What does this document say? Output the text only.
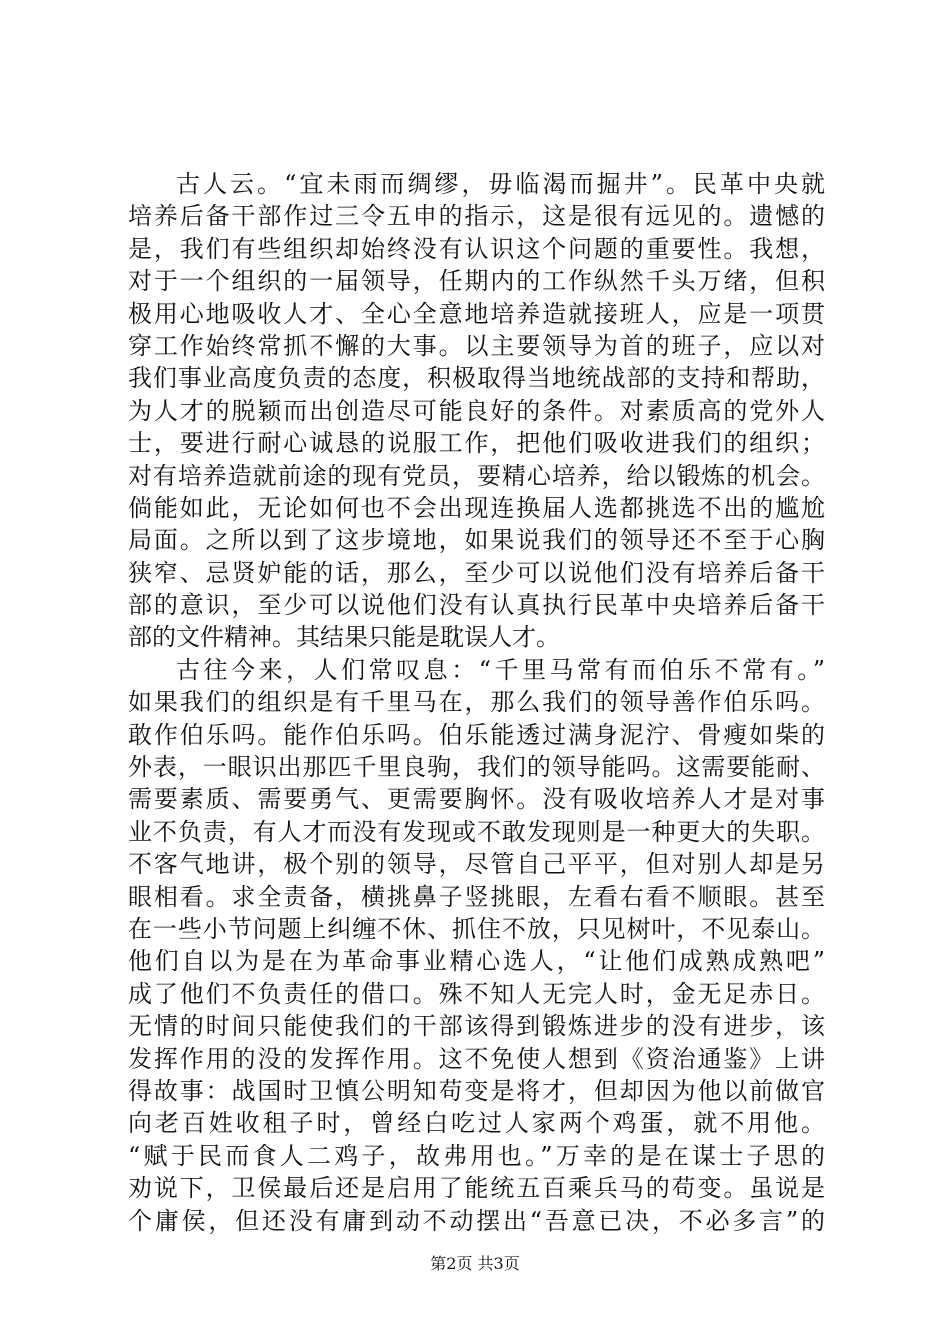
古人云。“宜未雨而绸缪，毋临渴而掘井”。民革中央就
培养后备干部作过三令五申的指示，这是很有远见的。遗憾的
是，我们有些组织却始终没有认识这个问题的重要性。我想，
对于一个组织的一届领导，任期内的工作纵然千头万绪，但积
极用心地吸收人才、全心全意地培养造就接班人，应是一项贯
穿工作始终常抓不懈的大事。以主要领导为首的班子，应以对
我们事业高度负责的态度，积极取得当地统战部的支持和帮助，
为人才的脱颖而出创造尽可能良好的条件。对素质高的党外人
士，要进行耐心诚恳的说服工作，把他们吸收进我们的组织；
对有培养造就前途的现有党员，要精心培养，给以锻炼的机会。
倘能如此，无论如何也不会出现连换届人选都挑选不出的尴尬
局面。之所以到了这步境地，如果说我们的领导还不至于心胸
狭窄、忌贤妒能的话，那么，至少可以说他们没有培养后备干
部的意识，至少可以说他们没有认真执行民革中央培养后备干
部的文件精神。其结果只能是耽误人才。
古往今来，人们常叹息：“千里马常有而伯乐不常有。”
如果我们的组织是有千里马在，那么我们的领导善作伯乐吗。
敢作伯乐吗。能作伯乐吗。伯乐能透过满身泥泞、骨瘦如柴的
外表，一眼识出那匹千里良驹，我们的领导能吗。这需要能耐、
需要素质、需要勇气、更需要胸怀。没有吸收培养人才是对事
业不负责，有人才而没有发现或不敢发现则是一种更大的失职。
不客气地讲，极个别的领导，尽管自己平平，但对别人却是另
眼相看。求全责备，横挑鼻子竖挑眼，左看右看不顺眼。甚至
在一些小节问题上纠缠不休、抓住不放，只见树叶，不见泰山。
他们自以为是在为革命事业精心选人，“让他们成熟成熟吧”
成了他们不负责任的借口。殊不知人无完人时，金无足赤日。
无情的时间只能使我们的干部该得到锻炼进步的没有进步，该
发挥作用的没的发挥作用。这不免使人想到《资治通鉴》上讲
得故事：战国时卫慎公明知苟变是将才，但却因为他以前做官
向老百姓收租子时，曾经白吃过人家两个鸡蛋，就不用他。
“赋于民而食人二鸡子，故弗用也。”万幸的是在谋士子思的
劝说下，卫侯最后还是启用了能统五百乘兵马的苟变。虽说是
个庸侯，但还没有庸到动不动摆出“吾意已决，不必多言”的
第2页 共3页
